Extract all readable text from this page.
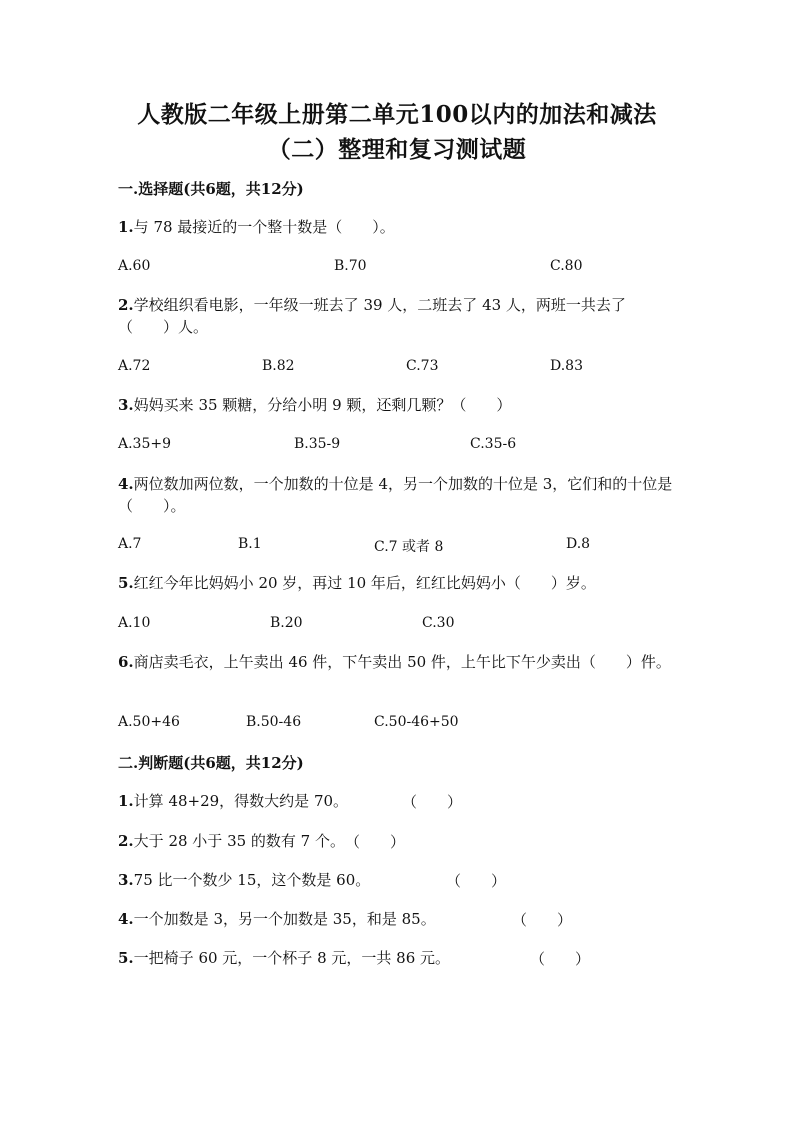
人教版二年级上册第二单元100以内的加法和减法
（二）整理和复习测试题
一.选择题(共6题，共12分)
1.与 78 最接近的一个整十数是（　　）。
A.60	B.70	C.80
2.学校组织看电影，一年级一班去了 39 人，二班去了 43 人，两班一共去了（　　）人。
A.72	B.82	C.73	D.83
3.妈妈买来 35 颗糖，分给小明 9 颗，还剩几颗？（　　）
A.35+9	B.35-9	C.35-6
4.两位数加两位数，一个加数的十位是 4，另一个加数的十位是 3，它们和的十位是（　　）。
A.7	B.1	C.7 或者 8	D.8
5.红红今年比妈妈小 20 岁，再过 10 年后，红红比妈妈小（　　）岁。
A.10	B.20	C.30
6.商店卖毛衣，上午卖出 46 件，下午卖出 50 件，上午比下午少卖出（　　）件。
A.50+46	B.50-46	C.50-46+50
二.判断题(共6题，共12分)
1.计算 48+29，得数大约是 70。	（　　）
2.大于 28 小于 35 的数有 7 个。 （　　）
3.75 比一个数少 15，这个数是 60。	（　　）
4.一个加数是 3，另一个加数是 35，和是 85。	（　　）
5.一把椅子 60 元，一个杯子 8 元，一共 86 元。	（　　）
